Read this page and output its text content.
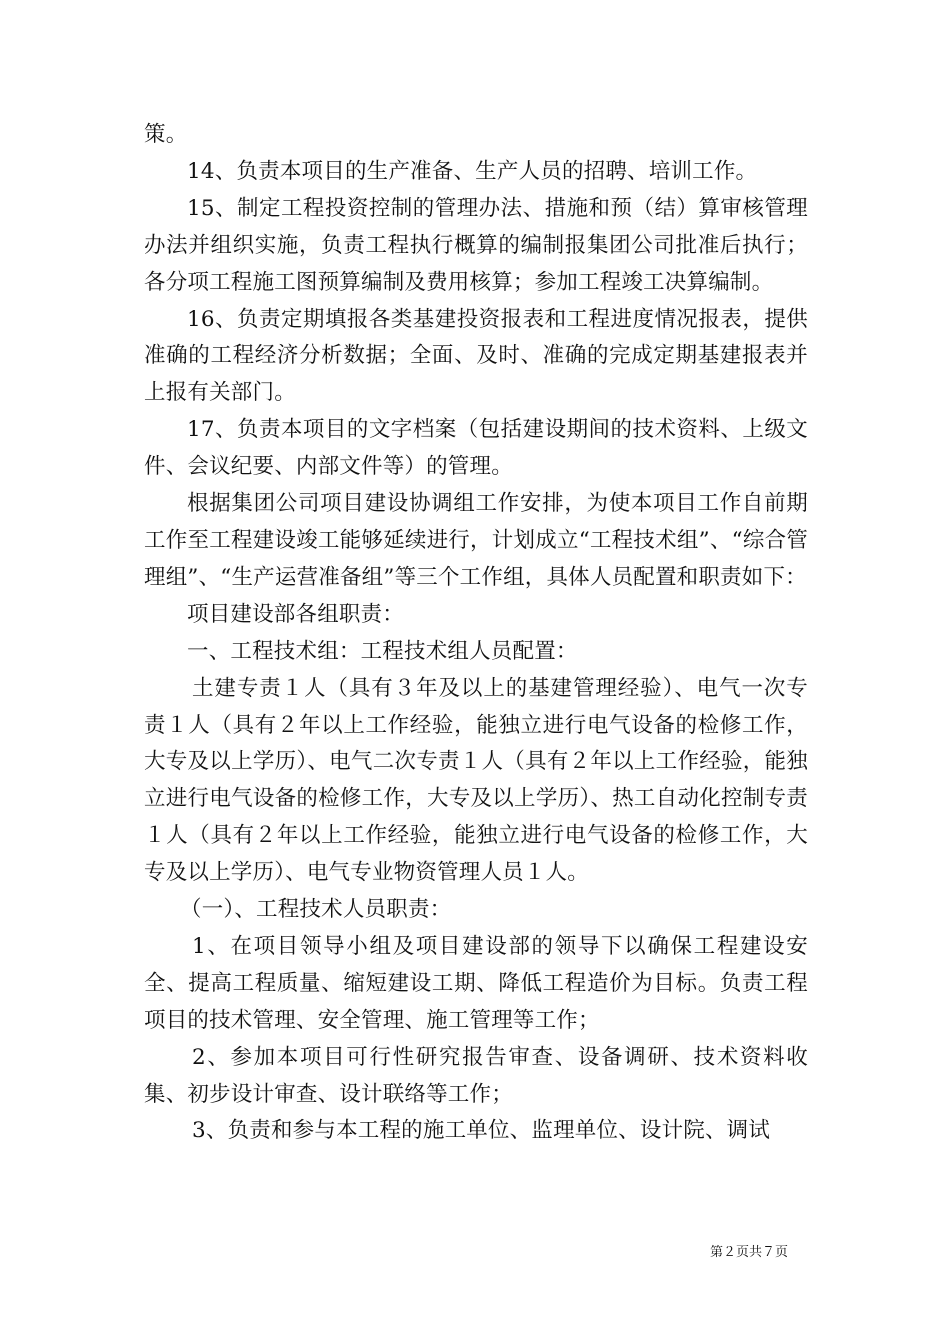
策。

14、负责本项目的生产准备、生产人员的招聘、培训工作。

15、制定工程投资控制的管理办法、措施和预（结）算审核管理办法并组织实施，负责工程执行概算的编制报集团公司批准后执行；各分项工程施工图预算编制及费用核算；参加工程竣工决算编制。

16、负责定期填报各类基建投资报表和工程进度情况报表，提供准确的工程经济分析数据；全面、及时、准确的完成定期基建报表并上报有关部门。

17、负责本项目的文字档案（包括建设期间的技术资料、上级文件、会议纪要、内部文件等）的管理。

根据集团公司项目建设协调组工作安排，为使本项目工作自前期工作至工程建设竣工能够延续进行，计划成立“工程技术组”、“综合管理组”、“生产运营准备组”等三个工作组，具体人员配置和职责如下：

项目建设部各组职责：

一、工程技术组：工程技术组人员配置：

土建专责１人（具有３年及以上的基建管理经验）、电气一次专责１人（具有２年以上工作经验，能独立进行电气设备的检修工作，大专及以上学历）、电气二次专责１人（具有２年以上工作经验，能独立进行电气设备的检修工作，大专及以上学历）、热工自动化控制专责１人（具有２年以上工作经验，能独立进行电气设备的检修工作，大专及以上学历）、电气专业物资管理人员１人。

（一）、工程技术人员职责：

1、在项目领导小组及项目建设部的领导下以确保工程建设安全、提高工程质量、缩短建设工期、降低工程造价为目标。负责工程项目的技术管理、安全管理、施工管理等工作；

2、参加本项目可行性研究报告审查、设备调研、技术资料收集、初步设计审查、设计联络等工作；

3、负责和参与本工程的施工单位、监理单位、设计院、调试

第２页共７页
